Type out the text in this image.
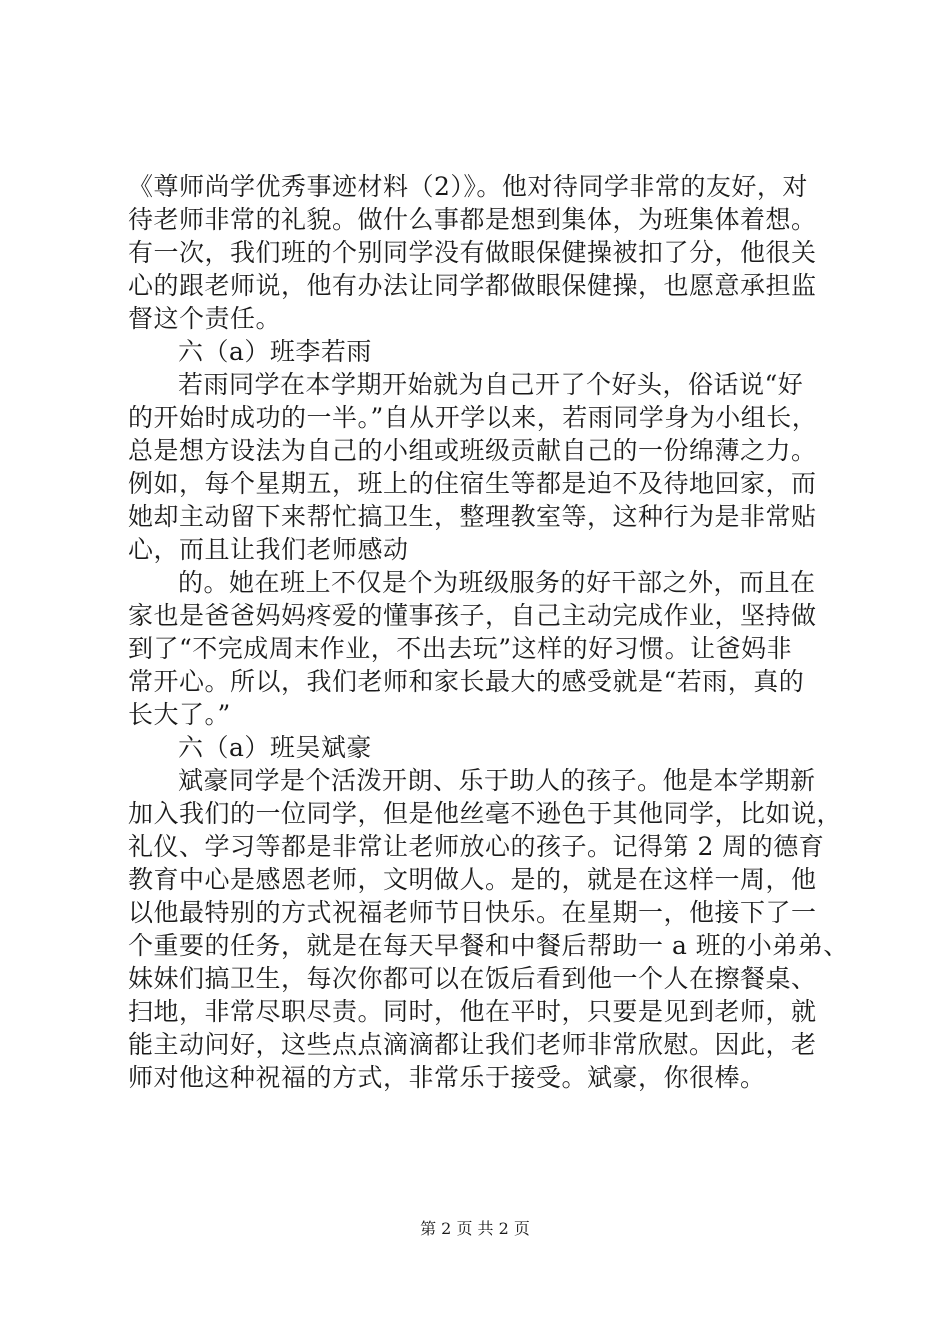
《尊师尚学优秀事迹材料（2）》。他对待同学非常的友好，对
待老师非常的礼貌。做什么事都是想到集体，为班集体着想。
有一次，我们班的个别同学没有做眼保健操被扣了分，他很关
心的跟老师说，他有办法让同学都做眼保健操，也愿意承担监
督这个责任。
六（a）班李若雨
若雨同学在本学期开始就为自己开了个好头，俗话说“好
的开始时成功的一半。”自从开学以来，若雨同学身为小组长，
总是想方设法为自己的小组或班级贡献自己的一份绵薄之力。
例如，每个星期五，班上的住宿生等都是迫不及待地回家，而
她却主动留下来帮忙搞卫生，整理教室等，这种行为是非常贴
心，而且让我们老师感动
的。她在班上不仅是个为班级服务的好干部之外，而且在
家也是爸爸妈妈疼爱的懂事孩子，自己主动完成作业，坚持做
到了“不完成周末作业，不出去玩”这样的好习惯。让爸妈非
常开心。所以，我们老师和家长最大的感受就是“若雨，真的
长大了。”
六（a）班吴斌豪
斌豪同学是个活泼开朗、乐于助人的孩子。他是本学期新
加入我们的一位同学，但是他丝毫不逊色于其他同学，比如说，
礼仪、学习等都是非常让老师放心的孩子。记得第 2 周的德育
教育中心是感恩老师，文明做人。是的，就是在这样一周，他
以他最特别的方式祝福老师节日快乐。在星期一，他接下了一
个重要的任务，就是在每天早餐和中餐后帮助一 a 班的小弟弟、
妹妹们搞卫生，每次你都可以在饭后看到他一个人在擦餐桌、
扫地，非常尽职尽责。同时，他在平时，只要是见到老师，就
能主动问好，这些点点滴滴都让我们老师非常欣慰。因此，老
师对他这种祝福的方式，非常乐于接受。斌豪，你很棒。
第 2 页 共 2 页
